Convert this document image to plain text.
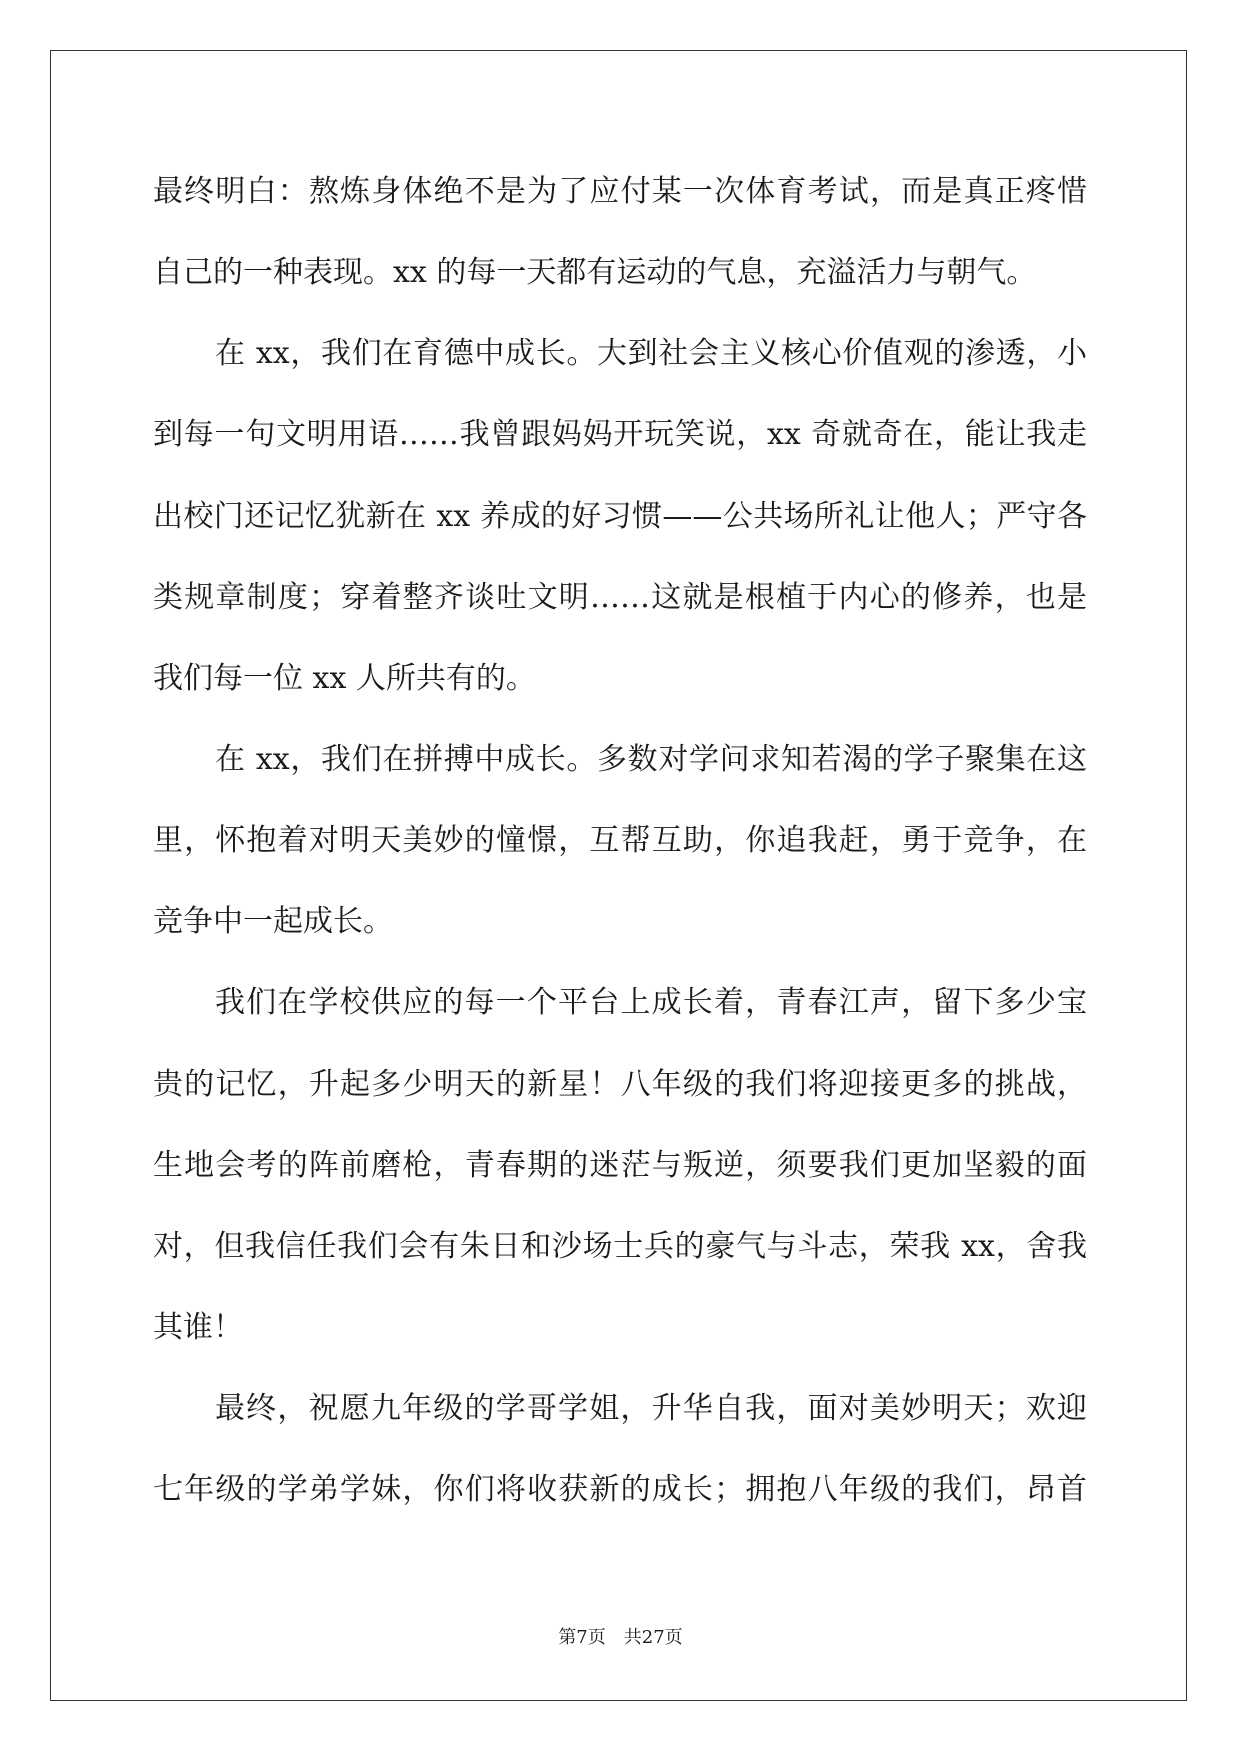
最终明白：熬炼身体绝不是为了应付某一次体育考试，而是真正疼惜
自己的一种表现。xx 的每一天都有运动的气息，充溢活力与朝气。
在 xx，我们在育德中成长。大到社会主义核心价值观的渗透，小
到每一句文明用语……我曾跟妈妈开玩笑说，xx 奇就奇在，能让我走
出校门还记忆犹新在 xx 养成的好习惯——公共场所礼让他人；严守各
类规章制度；穿着整齐谈吐文明……这就是根植于内心的修养，也是
我们每一位 xx 人所共有的。
在 xx，我们在拼搏中成长。多数对学问求知若渴的学子聚集在这
里，怀抱着对明天美妙的憧憬，互帮互助，你追我赶，勇于竞争，在
竞争中一起成长。
我们在学校供应的每一个平台上成长着，青春江声，留下多少宝
贵的记忆，升起多少明天的新星！八年级的我们将迎接更多的挑战，
生地会考的阵前磨枪，青春期的迷茫与叛逆，须要我们更加坚毅的面
对，但我信任我们会有朱日和沙场士兵的豪气与斗志，荣我 xx，舍我
其谁！
最终，祝愿九年级的学哥学姐，升华自我，面对美妙明天；欢迎
七年级的学弟学妹，你们将收获新的成长；拥抱八年级的我们，昂首
第7页　共27页
